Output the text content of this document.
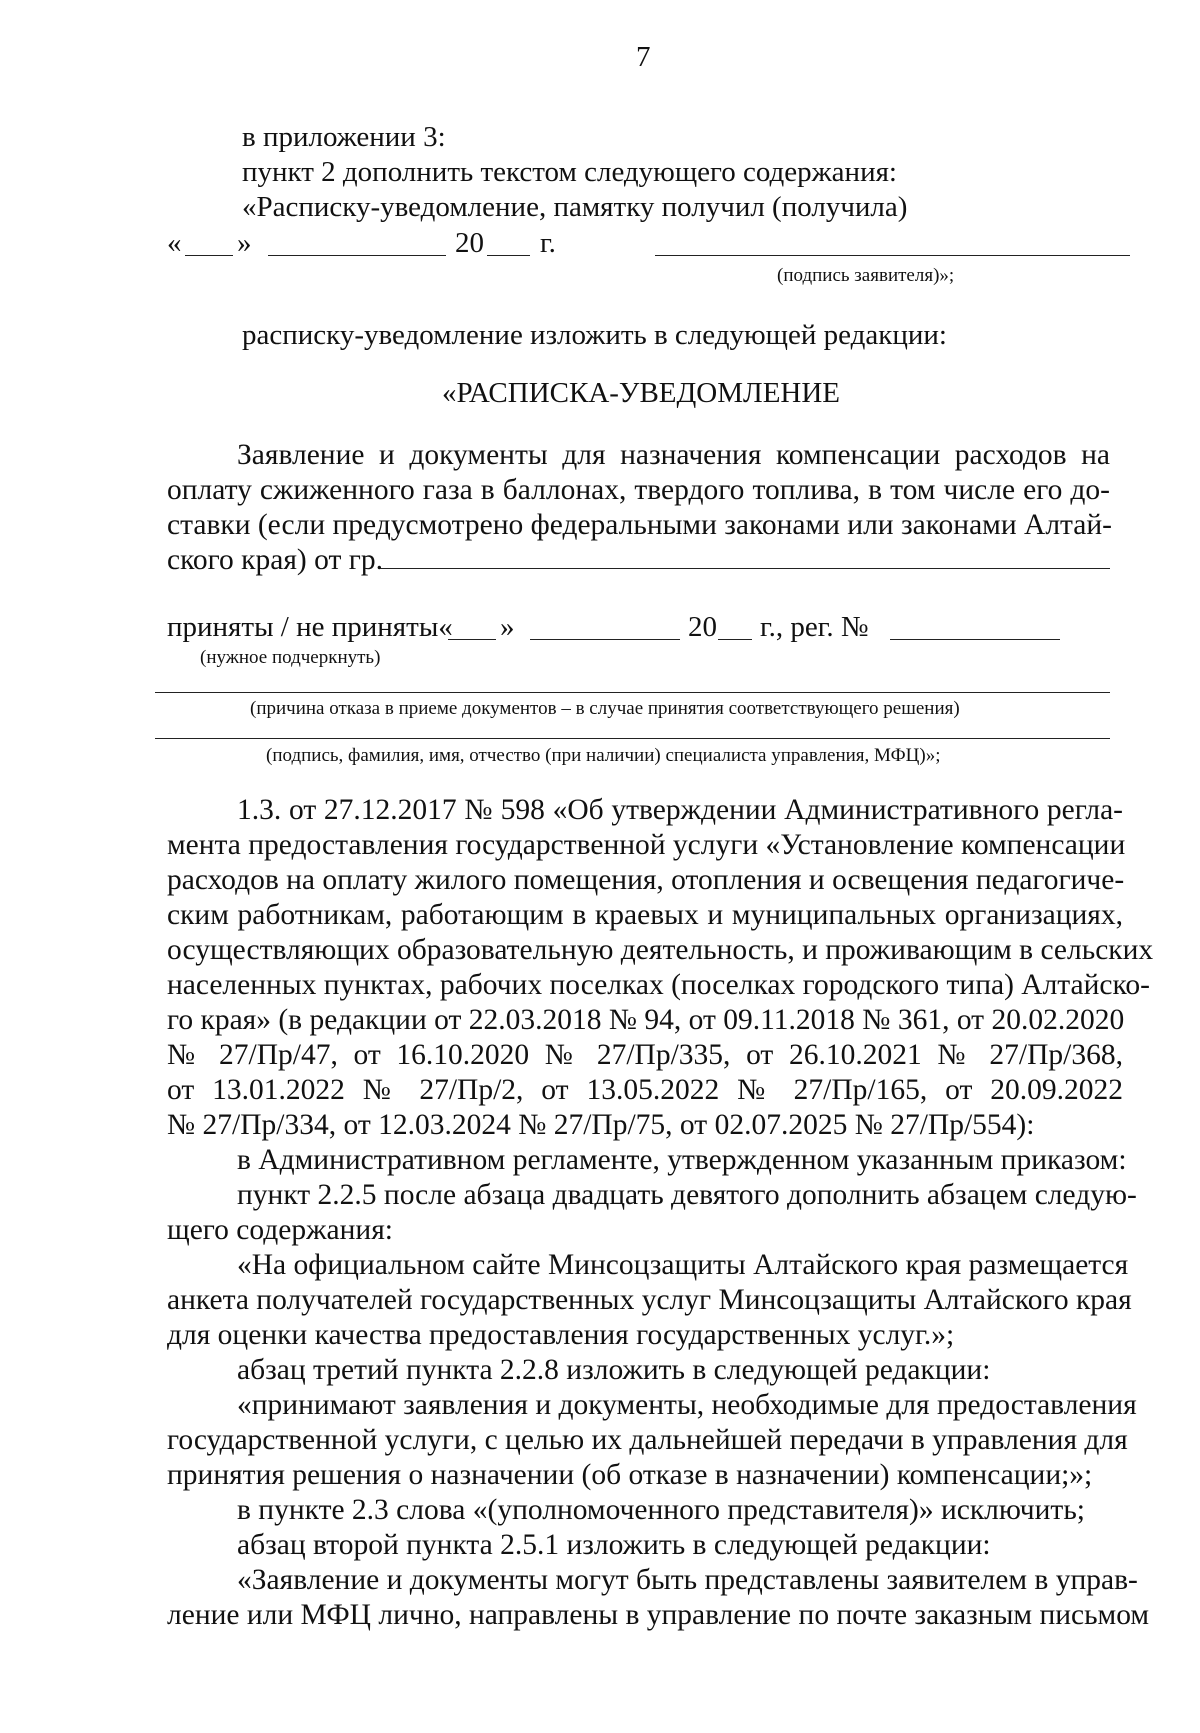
7
в приложении 3:
пункт 2 дополнить текстом следующего содержания:
«Расписку-уведомление, памятку получил (получила)
« »	20 г.
(подпись заявителя)»;
расписку-уведомление изложить в следующей редакции:
«РАСПИСКА-УВЕДОМЛЕНИЕ
Заявление и документы для назначения компенсации расходов на
оплату сжиженного газа в баллонах, твердого топлива, в том числе его до-
ставки (если предусмотрено федеральными законами или законами Алтай-
ского края) от гр.
приняты / не приняты« »	20 г., рег. №
(нужное подчеркнуть)
(причина отказа в приеме документов – в случае принятия соответствующего решения)
(подпись, фамилия, имя, отчество (при наличии) специалиста управления, МФЦ)»;
1.3. от 27.12.2017 № 598 «Об утверждении Административного регла-
мента предоставления государственной услуги «Установление компенсации
расходов на оплату жилого помещения, отопления и освещения педагогиче-
ским работникам, работающим в краевых и муниципальных организациях,
осуществляющих образовательную деятельность, и проживающим в сельских
населенных пунктах, рабочих поселках (поселках городского типа) Алтайско-
го края» (в редакции от 22.03.2018 № 94, от 09.11.2018 № 361, от 20.02.2020
№ 27/Пр/47, от 16.10.2020 № 27/Пр/335, от 26.10.2021 № 27/Пр/368,
от 13.01.2022 № 27/Пр/2, от 13.05.2022 № 27/Пр/165, от 20.09.2022
№ 27/Пр/334, от 12.03.2024 № 27/Пр/75, от 02.07.2025 № 27/Пр/554):
в Административном регламенте, утвержденном указанным приказом:
пункт 2.2.5 после абзаца двадцать девятого дополнить абзацем следую-
щего содержания:
«На официальном сайте Минсоцзащиты Алтайского края размещается
анкета получателей государственных услуг Минсоцзащиты Алтайского края
для оценки качества предоставления государственных услуг.»;
абзац третий пункта 2.2.8 изложить в следующей редакции:
«принимают заявления и документы, необходимые для предоставления
государственной услуги, с целью их дальнейшей передачи в управления для
принятия решения о назначении (об отказе в назначении) компенсации;»;
в пункте 2.3 слова «(уполномоченного представителя)» исключить;
абзац второй пункта 2.5.1 изложить в следующей редакции:
«Заявление и документы могут быть представлены заявителем в управ-
ление или МФЦ лично, направлены в управление по почте заказным письмом
